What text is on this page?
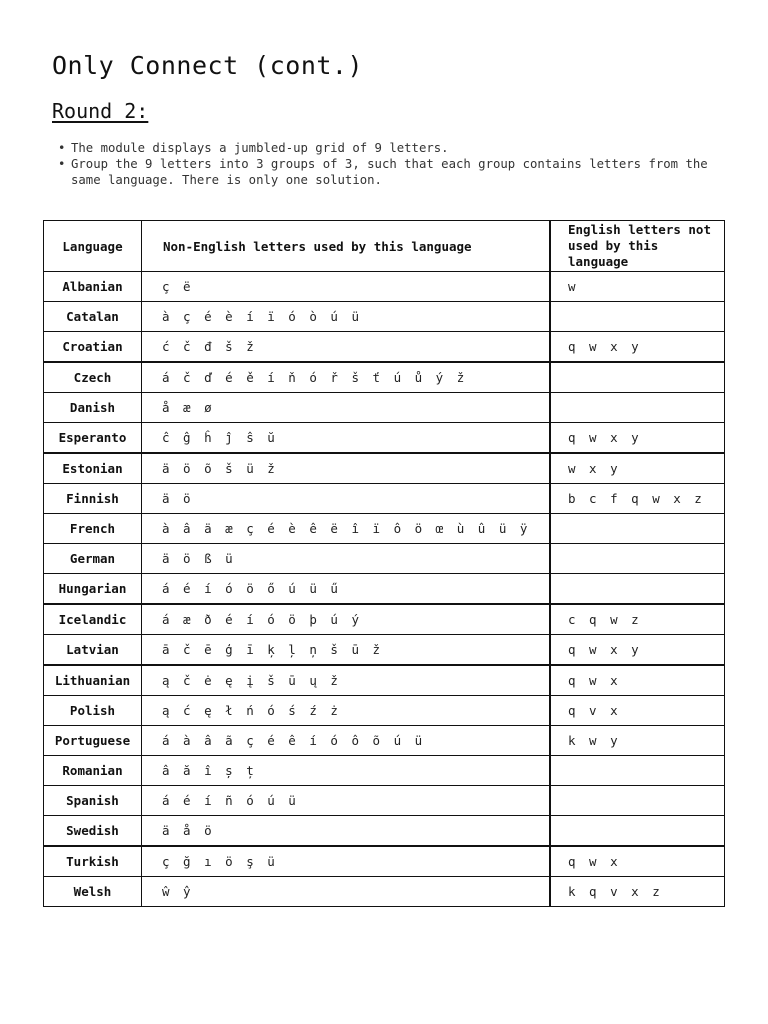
Only Connect (cont.)
Round 2:
• The module displays a jumbled-up grid of 9 letters.
• Group the 9 letters into 3 groups of 3, such that each group contains letters from the same language. There is only one solution.
Language	Non-English letters used by this language	English letters not used by this language
Albanian	ç ë	w
Catalan	à ç é è í ï ó ò ú ü	
Croatian	ć č đ š ž	q w x y
Czech	á č ď é ě í ň ó ř š ť ú ů ý ž	
Danish	å æ ø	
Esperanto	ĉ ĝ ĥ ĵ ŝ ŭ	q w x y
Estonian	ä ö õ š ü ž	w x y
Finnish	ä ö	b c f q w x z
French	à â ä æ ç é è ê ë î ï ô ö œ ù û ü ÿ	
German	ä ö ß ü	
Hungarian	á é í ó ö ő ú ü ű	
Icelandic	á æ ð é í ó ö þ ú ý	c q w z
Latvian	ā č ē ģ ī ķ ļ ņ š ū ž	q w x y
Lithuanian	ą č ė ę į š ū ų ž	q w x
Polish	ą ć ę ł ń ó ś ź ż	q v x
Portuguese	á à â ã ç é ê í ó ô õ ú ü	k w y
Romanian	â ă î ș ț	
Spanish	á é í ñ ó ú ü	
Swedish	ä å ö	
Turkish	ç ğ ı ö ş ü	q w x
Welsh	ŵ ŷ	k q v x z
